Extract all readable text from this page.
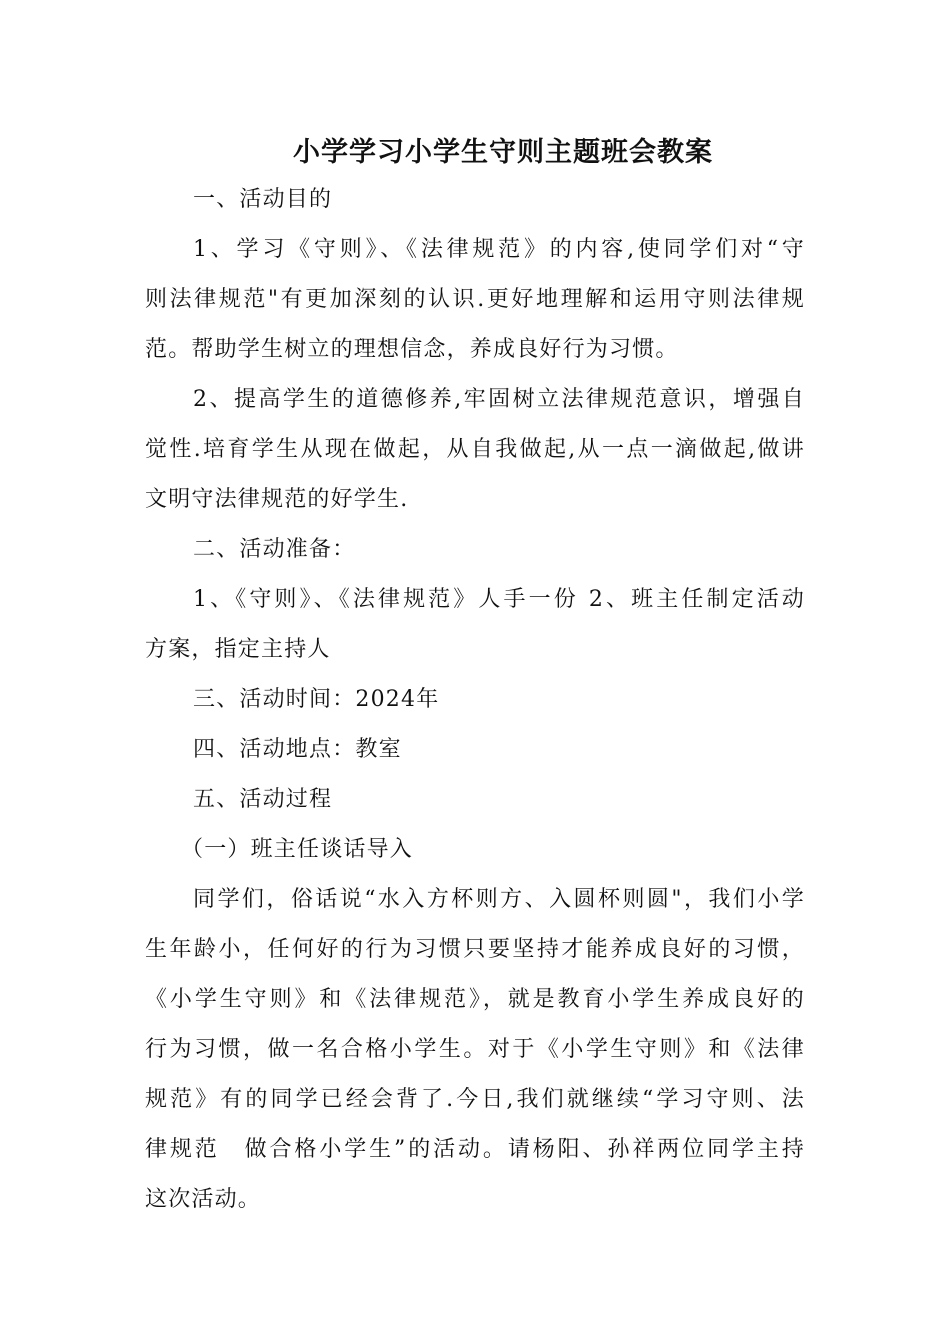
小学学习小学生守则主题班会教案

一、活动目的

1、学习《守则》、《法律规范》的内容,使同学们对“守

则法律规范"有更加深刻的认识.更好地理解和运用守则法律规

范。帮助学生树立的理想信念，养成良好行为习惯。

2、提高学生的道德修养,牢固树立法律规范意识，增强自

觉性.培育学生从现在做起，从自我做起,从一点一滴做起,做讲

文明守法律规范的好学生.

二、活动准备：

1、《守则》、《法律规范》人手一份 2、班主任制定活动

方案，指定主持人

三、活动时间：2024年

四、活动地点：教室

五、活动过程

（一）班主任谈话导入

同学们，俗话说“水入方杯则方、入圆杯则圆"，我们小学

生年龄小，任何好的行为习惯只要坚持才能养成良好的习惯，

《小学生守则》和《法律规范》，就是教育小学生养成良好的

行为习惯，做一名合格小学生。对于《小学生守则》和《法律

规范》有的同学已经会背了.今日,我们就继续“学习守则、法

律规范　做合格小学生”的活动。请杨阳、孙祥两位同学主持

这次活动。
